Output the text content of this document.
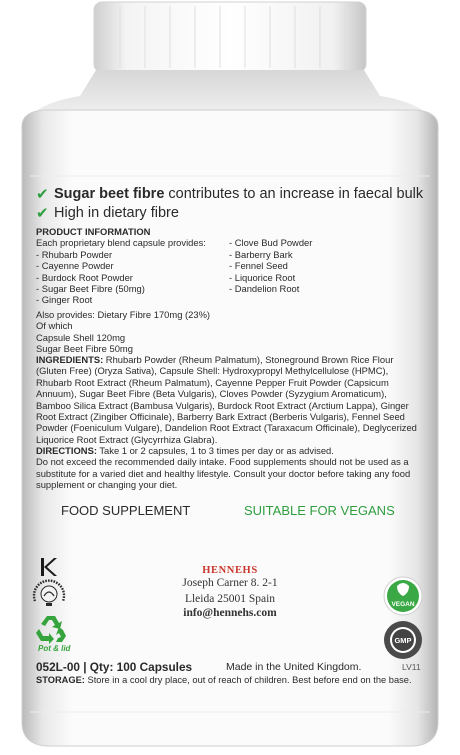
✔ Sugar beet fibre contributes to an increase in faecal bulk
✔ High in dietary fibre
PRODUCT INFORMATION
Each proprietary blend capsule provides:
- Rhubarb Powder
- Cayenne Powder
- Burdock Root Powder
- Sugar Beet Fibre (50mg)
- Ginger Root
- Clove Bud Powder
- Barberry Bark
- Fennel Seed
- Liquorice Root
- Dandelion Root
Also provides: Dietary Fibre 170mg (23%)
Of which
Capsule Shell 120mg
Sugar Beet Fibre 50mg
INGREDIENTS: Rhubarb Powder (Rheum Palmatum), Stoneground Brown Rice Flour
(Gluten Free) (Oryza Sativa), Capsule Shell: Hydroxypropyl Methylcellulose (HPMC),
Rhubarb Root Extract (Rheum Palmatum), Cayenne Pepper Fruit Powder (Capsicum
Annuum), Sugar Beet Fibre (Beta Vulgaris), Cloves Powder (Syzygium Aromaticum),
Bamboo Silica Extract (Bambusa Vulgaris), Burdock Root Extract (Arctium Lappa), Ginger
Root Extract (Zingiber Officinale), Barberry Bark Extract (Berberis Vulgaris), Fennel Seed
Powder (Foeniculum Vulgare), Dandelion Root Extract (Taraxacum Officinale), Deglycerized
Liquorice Root Extract (Glycyrrhiza Glabra).
DIRECTIONS: Take 1 or 2 capsules, 1 to 3 times per day or as advised.
Do not exceed the recommended daily intake. Food supplements should not be used as a
substitute for a varied diet and healthy lifestyle. Consult your doctor before taking any food
supplement or changing your diet.
FOOD SUPPLEMENT	SUITABLE FOR VEGANS
Pot & lid
HENNEHS
Joseph Carner 8. 2-1
Lleida 25001 Spain
info@hennehs.com
VEGAN
GMP
052L-00 | Qty: 100 Capsules	Made in the United Kingdom.	LV11
STORAGE: Store in a cool dry place, out of reach of children. Best before end on the base.
